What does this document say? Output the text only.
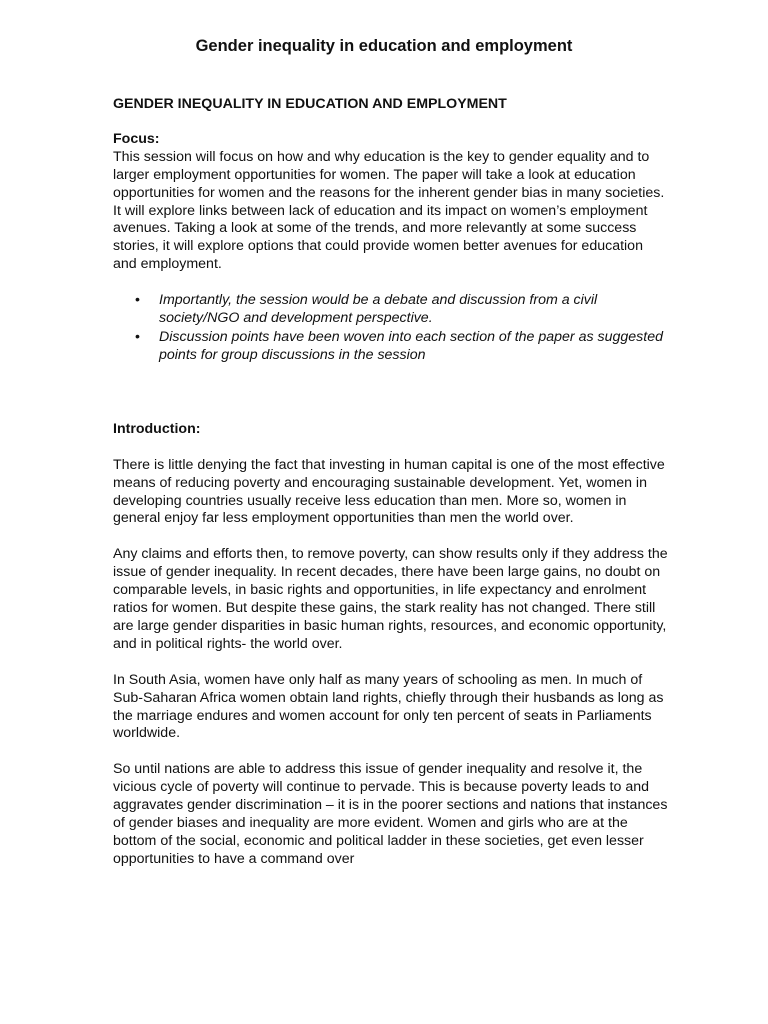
Gender inequality in education and employment

GENDER INEQUALITY IN EDUCATION AND EMPLOYMENT

Focus:

This session will focus on how and why education is the key to gender equality and to larger employment opportunities for women. The paper will take a look at education opportunities for women and the reasons for the inherent gender bias in many societies. It will explore links between lack of education and its impact on women’s employment avenues. Taking a look at some of the trends, and more relevantly at some success stories, it will explore options that could provide women better avenues for education and employment.

• Importantly, the session would be a debate and discussion from a civil society/NGO and development perspective.
• Discussion points have been woven into each section of the paper as suggested points for group discussions in the session

Introduction:

There is little denying the fact that investing in human capital is one of the most effective means of reducing poverty and encouraging sustainable development. Yet, women in developing countries usually receive less education than men. More so, women in general enjoy far less employment opportunities than men the world over.

Any claims and efforts then, to remove poverty, can show results only if they address the issue of gender inequality. In recent decades, there have been large gains, no doubt on comparable levels, in basic rights and opportunities, in life expectancy and enrolment ratios for women. But despite these gains, the stark reality has not changed. There still are large gender disparities in basic human rights, resources, and economic opportunity, and in political rights- the world over.

In South Asia, women have only half as many years of schooling as men. In much of Sub-Saharan Africa women obtain land rights, chiefly through their husbands as long as the marriage endures and women account for only ten percent of seats in Parliaments worldwide.

So until nations are able to address this issue of gender inequality and resolve it, the vicious cycle of poverty will continue to pervade. This is because poverty leads to and aggravates gender discrimination – it is in the poorer sections and nations that instances of gender biases and inequality are more evident. Women and girls who are at the bottom of the social, economic and political ladder in these societies, get even lesser opportunities to have a command over
